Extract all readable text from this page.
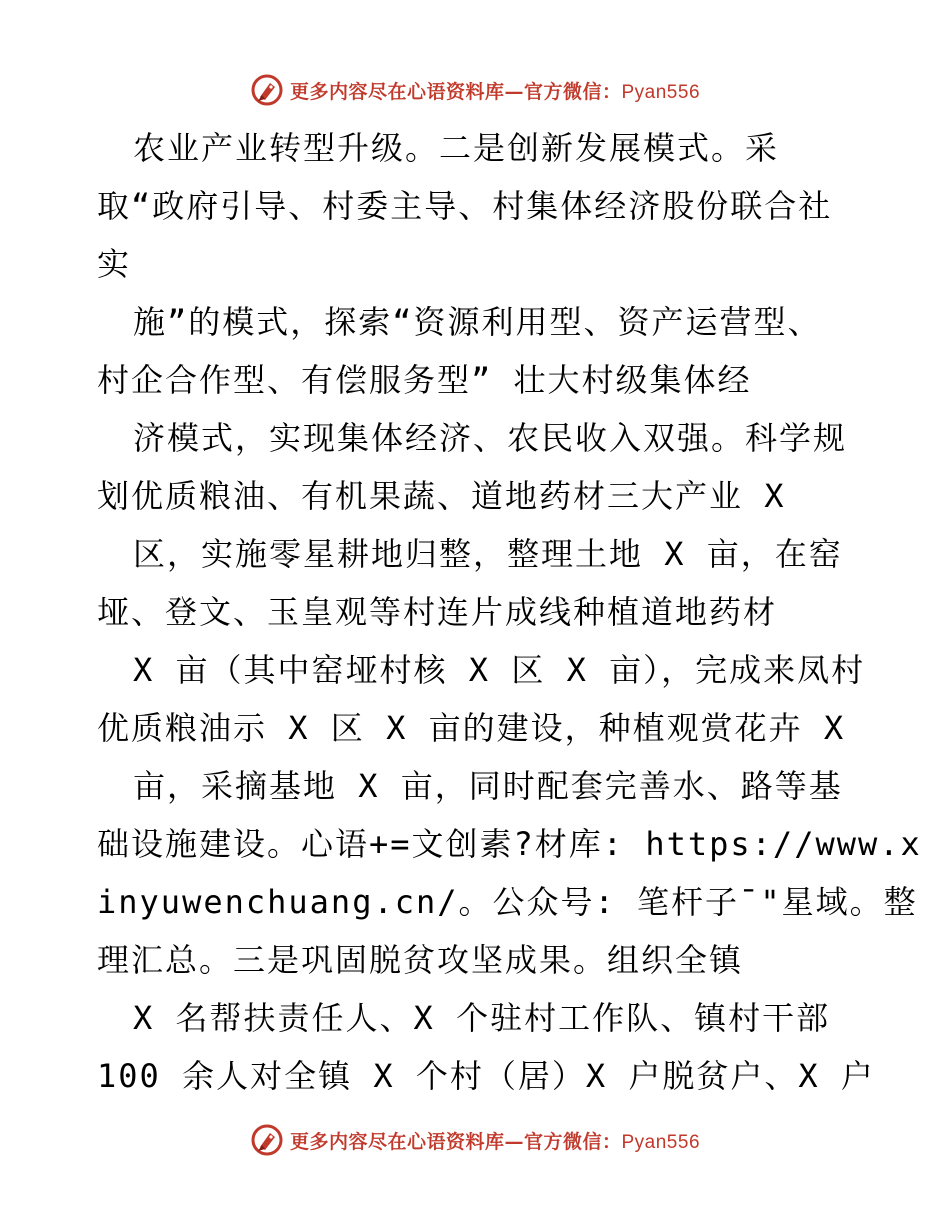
更多内容尽在心语资料库—官方微信：Pyan556
农业产业转型升级。二是创新发展模式。采
取“政府引导、村委主导、村集体经济股份联合社
实
施”的模式，探索“资源利用型、资产运营型、
村企合作型、有偿服务型” 壮大村级集体经
济模式，实现集体经济、农民收入双强。科学规
划优质粮油、有机果蔬、道地药材三大产业 X
区，实施零星耕地归整，整理土地 X 亩，在窑
垭、登文、玉皇观等村连片成线种植道地药材
X 亩（其中窑垭村核 X 区 X 亩），完成来凤村
优质粮油示 X 区 X 亩的建设，种植观赏花卉 X
亩，采摘基地 X 亩，同时配套完善水、路等基
础设施建设。心语+=文创素?材库: https://www.x
inyuwenchuang.cn/。公众号: 笔杆子¯"星域。整
理汇总。三是巩固脱贫攻坚成果。组织全镇
X 名帮扶责任人、X 个驻村工作队、镇村干部
100 余人对全镇 X 个村（居）X 户脱贫户、X 户
更多内容尽在心语资料库—官方微信：Pyan556
